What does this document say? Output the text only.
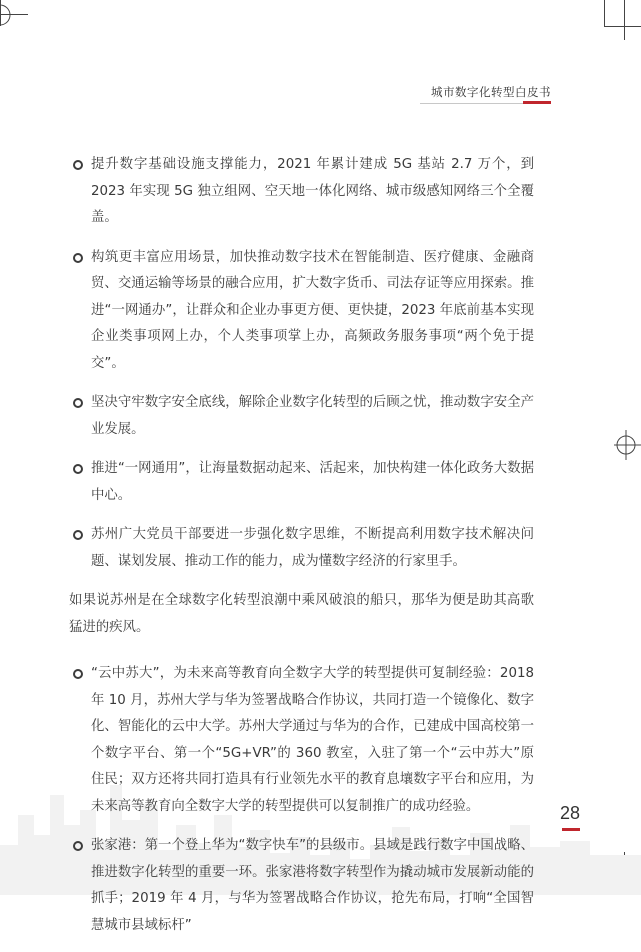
城市数字化转型白皮书
提升数字基础设施支撑能力，2021 年累计建成 5G 基站 2.7 万个，到 2023 年实现 5G 独立组网、空天地一体化网络、城市级感知网络三个全覆盖。
构筑更丰富应用场景，加快推动数字技术在智能制造、医疗健康、金融商贸、交通运输等场景的融合应用，扩大数字货币、司法存证等应用探索。推进“一网通办”，让群众和企业办事更方便、更快捷，2023 年底前基本实现企业类事项网上办，个人类事项掌上办，高频政务服务事项“两个免于提交”。
坚决守牢数字安全底线，解除企业数字化转型的后顾之忧，推动数字安全产业发展。
推进“一网通用”，让海量数据动起来、活起来，加快构建一体化政务大数据中心。
苏州广大党员干部要进一步强化数字思维，不断提高利用数字技术解决问题、谋划发展、推动工作的能力，成为懂数字经济的行家里手。
如果说苏州是在全球数字化转型浪潮中乘风破浪的船只，那华为便是助其高歌猛进的疾风。
“云中苏大”，为未来高等教育向全数字大学的转型提供可复制经验：2018 年 10 月，苏州大学与华为签署战略合作协议，共同打造一个镜像化、数字化、智能化的云中大学。苏州大学通过与华为的合作，已建成中国高校第一个数字平台、第一个“5G+VR”的 360 教室，入驻了第一个“云中苏大”原住民；双方还将共同打造具有行业领先水平的教育息壤数字平台和应用，为未来高等教育向全数字大学的转型提供可以复制推广的成功经验。
张家港：第一个登上华为“数字快车”的县级市。县域是践行数字中国战略、推进数字化转型的重要一环。张家港将数字转型作为撬动城市发展新动能的抓手；2019 年 4 月，与华为签署战略合作协议，抢先布局，打响“全国智慧城市县域标杆”
28
